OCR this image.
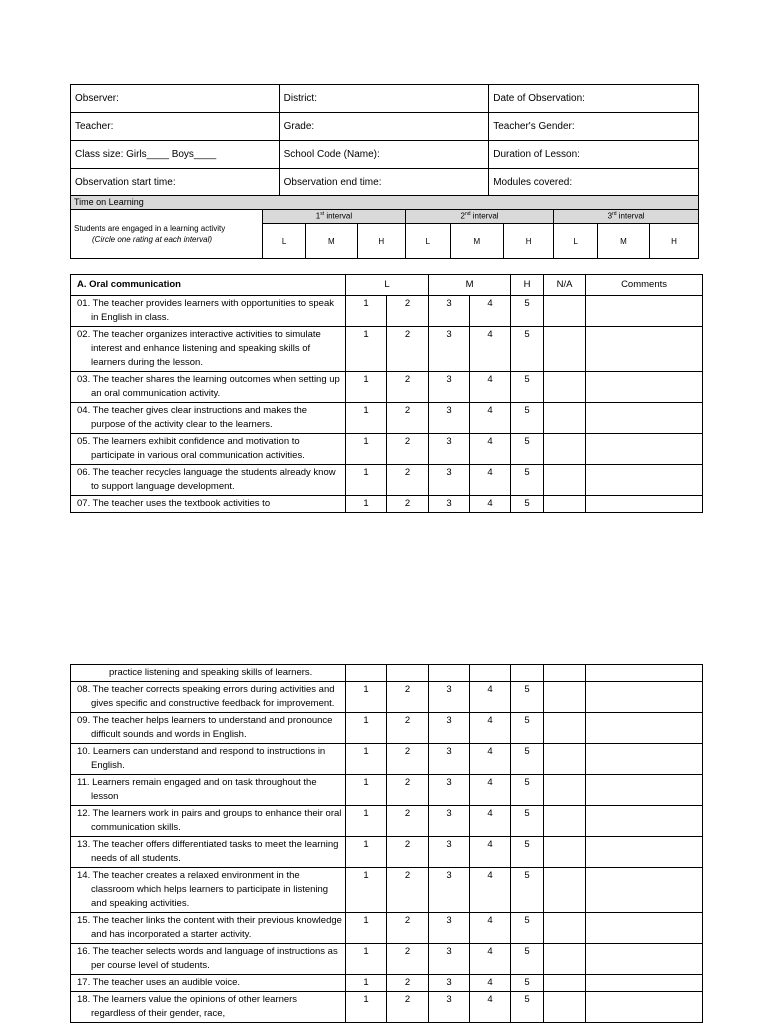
Observer:	District:	Date of Observation:
Teacher:	Grade:	Teacher's Gender:
Class size: Girls____ Boys____	School Code (Name):	Duration of Lesson:
Observation start time:	Observation end time:	Modules covered:
Time on Learning									
Students are engaged in a learning activity
(Circle one rating at each interval)	1st interval			2nd interval			3rd interval		
	L	M	H	L	M	H	L	M	H
A. Oral communication	L		M		H	N/A	Comments
01. The teacher provides learners with opportunities to speak in English in class.	1	2	3	4	5		
02. The teacher organizes interactive activities to simulate interest and enhance listening and speaking skills of learners during the lesson.	1	2	3	4	5		
03. The teacher shares the learning outcomes when setting up an oral communication activity.	1	2	3	4	5		
04. The teacher gives clear instructions and makes the purpose of the activity clear to the learners.	1	2	3	4	5		
05. The learners exhibit confidence and motivation to participate in various oral communication activities.	1	2	3	4	5		
06. The teacher recycles language the students already know to support language development.	1	2	3	4	5		
07. The teacher uses the textbook activities to	1	2	3	4	5		
practice listening and speaking skills of learners.							
08. The teacher corrects speaking errors during activities and gives specific and constructive feedback for improvement.	1	2	3	4	5		
09. The teacher helps learners to understand and pronounce difficult sounds and words in English.	1	2	3	4	5		
10. Learners can understand and respond to instructions in English.	1	2	3	4	5		
11. Learners remain engaged and on task throughout the lesson	1	2	3	4	5		
12. The learners work in pairs and groups to enhance their oral communication skills.	1	2	3	4	5		
13. The teacher offers differentiated tasks to meet the learning needs of all students.	1	2	3	4	5		
14. The teacher creates a relaxed environment in the classroom which helps learners to participate in listening and speaking activities.	1	2	3	4	5		
15. The teacher links the content with their previous knowledge and has incorporated a starter activity.	1	2	3	4	5		
16. The teacher selects words and language of instructions as per course level of students.	1	2	3	4	5		
17. The teacher uses an audible voice.	1	2	3	4	5		
18. The learners value the opinions of other learners regardless of their gender, race,	1	2	3	4	5		
